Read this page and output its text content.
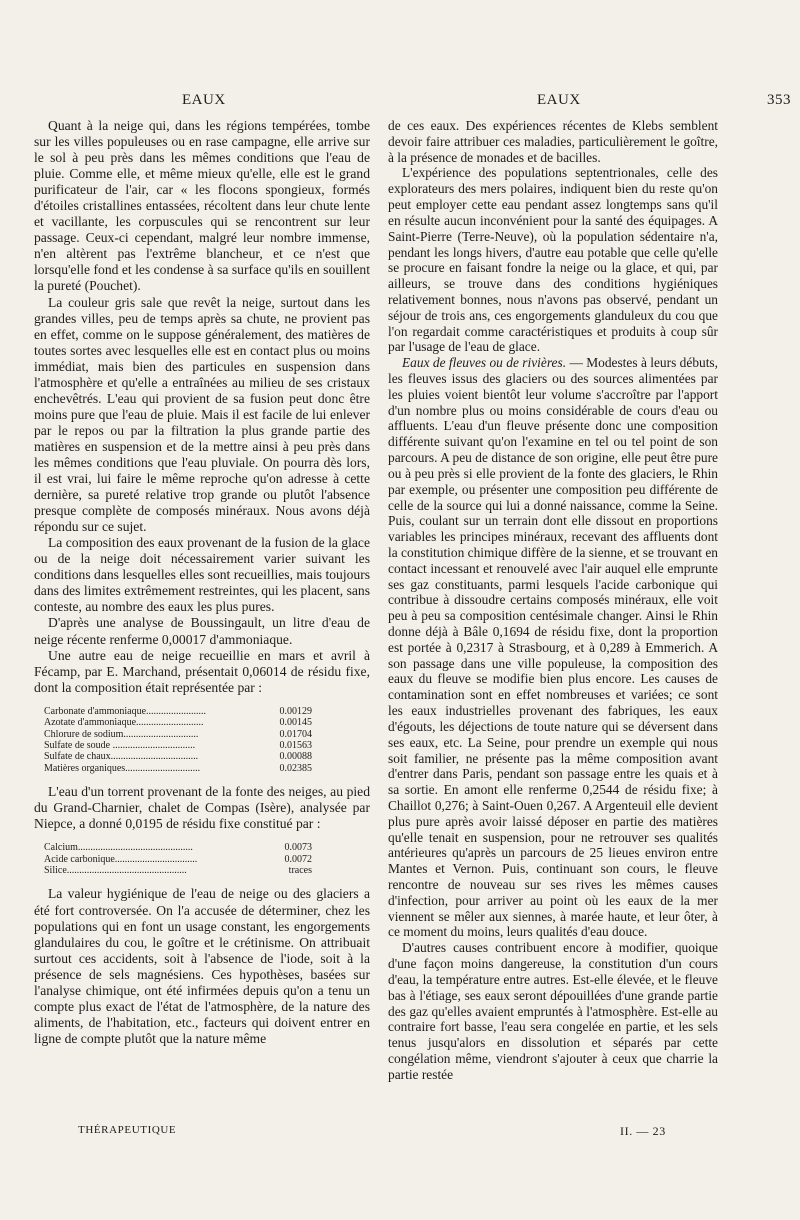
EAUX	EAUX	353

Quant à la neige qui, dans les régions tempérées, tombe sur les villes populeuses ou en rase campagne, elle arrive sur le sol à peu près dans les mêmes conditions que l'eau de pluie. Comme elle, et même mieux qu'elle, elle est le grand purificateur de l'air, car « les flocons spongieux, formés d'étoiles cristallines entassées, récoltent dans leur chute lente et vacillante, les corpuscules qui se rencontrent sur leur passage. Ceux-ci cependant, malgré leur nombre immense, n'en altèrent pas l'extrême blancheur, et ce n'est que lorsqu'elle fond et les condense à sa surface qu'ils en souillent la pureté (Pouchet).

La couleur gris sale que revêt la neige, surtout dans les grandes villes, peu de temps après sa chute, ne provient pas en effet, comme on le suppose généralement, des matières de toutes sortes avec lesquelles elle est en contact plus ou moins immédiat, mais bien des particules en suspension dans l'atmosphère et qu'elle a entraînées au milieu de ses cristaux enchevêtrés. L'eau qui provient de sa fusion peut donc être moins pure que l'eau de pluie. Mais il est facile de lui enlever par le repos ou par la filtration la plus grande partie des matières en suspension et de la mettre ainsi à peu près dans les mêmes conditions que l'eau pluviale. On pourra dès lors, il est vrai, lui faire le même reproche qu'on adresse à cette dernière, sa pureté relative trop grande ou plutôt l'absence presque complète de composés minéraux. Nous avons déjà répondu sur ce sujet.

La composition des eaux provenant de la fusion de la glace ou de la neige doit nécessairement varier suivant les conditions dans lesquelles elles sont recueillies, mais toujours dans des limites extrêmement restreintes, qui les placent, sans conteste, au nombre des eaux les plus pures.

D'après une analyse de Boussingault, un litre d'eau de neige récente renferme 0,00017 d'ammoniaque.

Une autre eau de neige recueillie en mars et avril à Fécamp, par E. Marchand, présentait 0,06014 de résidu fixe, dont la composition était représentée par :

Carbonate d'ammoniaque........................	0.00129
Azotate d'ammoniaque...........................	0.00145
Chlorure de sodium..............................	0.01704
Sulfate de soude .................................	0.01563
Sulfate de chaux...................................	0.00088
Matières organiques..............................	0.02385

L'eau d'un torrent provenant de la fonte des neiges, au pied du Grand-Charnier, chalet de Compas (Isère), analysée par Niepce, a donné 0,0195 de résidu fixe constitué par :

Calcium..............................................	0.0073
Acide carbonique.................................	0.0072
Silice................................................	traces

La valeur hygiénique de l'eau de neige ou des glaciers a été fort controversée. On l'a accusée de déterminer, chez les populations qui en font un usage constant, les engorgements glandulaires du cou, le goître et le crétinisme. On attribuait surtout ces accidents, soit à l'absence de l'iode, soit à la présence de sels magnésiens. Ces hypothèses, basées sur l'analyse chimique, ont été infirmées depuis qu'on a tenu un compte plus exact de l'état de l'atmosphère, de la nature des aliments, de l'habitation, etc., facteurs qui doivent entrer en ligne de compte plutôt que la nature même

de ces eaux. Des expériences récentes de Klebs semblent devoir faire attribuer ces maladies, particulièrement le goître, à la présence de monades et de bacilles.

L'expérience des populations septentrionales, celle des explorateurs des mers polaires, indiquent bien du reste qu'on peut employer cette eau pendant assez longtemps sans qu'il en résulte aucun inconvénient pour la santé des équipages. A Saint-Pierre (Terre-Neuve), où la population sédentaire n'a, pendant les longs hivers, d'autre eau potable que celle qu'elle se procure en faisant fondre la neige ou la glace, et qui, par ailleurs, se trouve dans des conditions hygiéniques relativement bonnes, nous n'avons pas observé, pendant un séjour de trois ans, ces engorgements glanduleux du cou que l'on regardait comme caractéristiques et produits à coup sûr par l'usage de l'eau de glace.

Eaux de fleuves ou de rivières. — Modestes à leurs débuts, les fleuves issus des glaciers ou des sources alimentées par les pluies voient bientôt leur volume s'accroître par l'apport d'un nombre plus ou moins considérable de cours d'eau ou affluents. L'eau d'un fleuve présente donc une composition différente suivant qu'on l'examine en tel ou tel point de son parcours. A peu de distance de son origine, elle peut être pure ou à peu près si elle provient de la fonte des glaciers, le Rhin par exemple, ou présenter une composition peu différente de celle de la source qui lui a donné naissance, comme la Seine. Puis, coulant sur un terrain dont elle dissout en proportions variables les principes minéraux, recevant des affluents dont la constitution chimique diffère de la sienne, et se trouvant en contact incessant et renouvelé avec l'air auquel elle emprunte ses gaz constituants, parmi lesquels l'acide carbonique qui contribue à dissoudre certains composés minéraux, elle voit peu à peu sa composition centésimale changer. Ainsi le Rhin donne déjà à Bâle 0,1694 de résidu fixe, dont la proportion est portée à 0,2317 à Strasbourg, et à 0,289 à Emmerich. A son passage dans une ville populeuse, la composition des eaux du fleuve se modifie bien plus encore. Les causes de contamination sont en effet nombreuses et variées; ce sont les eaux industrielles provenant des fabriques, les eaux d'égouts, les déjections de toute nature qui se déversent dans ses eaux, etc. La Seine, pour prendre un exemple qui nous soit familier, ne présente pas la même composition avant d'entrer dans Paris, pendant son passage entre les quais et à sa sortie. En amont elle renferme 0,2544 de résidu fixe; à Chaillot 0,276; à Saint-Ouen 0,267. A Argenteuil elle devient plus pure après avoir laissé déposer en partie des matières qu'elle tenait en suspension, pour ne retrouver ses qualités antérieures qu'après un parcours de 25 lieues environ entre Mantes et Vernon. Puis, continuant son cours, le fleuve rencontre de nouveau sur ses rives les mêmes causes d'infection, pour arriver au point où les eaux de la mer viennent se mêler aux siennes, à marée haute, et leur ôter, à ce moment du moins, leurs qualités d'eau douce.

D'autres causes contribuent encore à modifier, quoique d'une façon moins dangereuse, la constitution d'un cours d'eau, la température entre autres. Est-elle élevée, et le fleuve bas à l'étiage, ses eaux seront dépouillées d'une grande partie des gaz qu'elles avaient empruntés à l'atmosphère. Est-elle au contraire fort basse, l'eau sera congelée en partie, et les sels tenus jusqu'alors en dissolution et séparés par cette congélation même, viendront s'ajouter à ceux que charrie la partie restée

THÉRAPEUTIQUE	II. — 23
